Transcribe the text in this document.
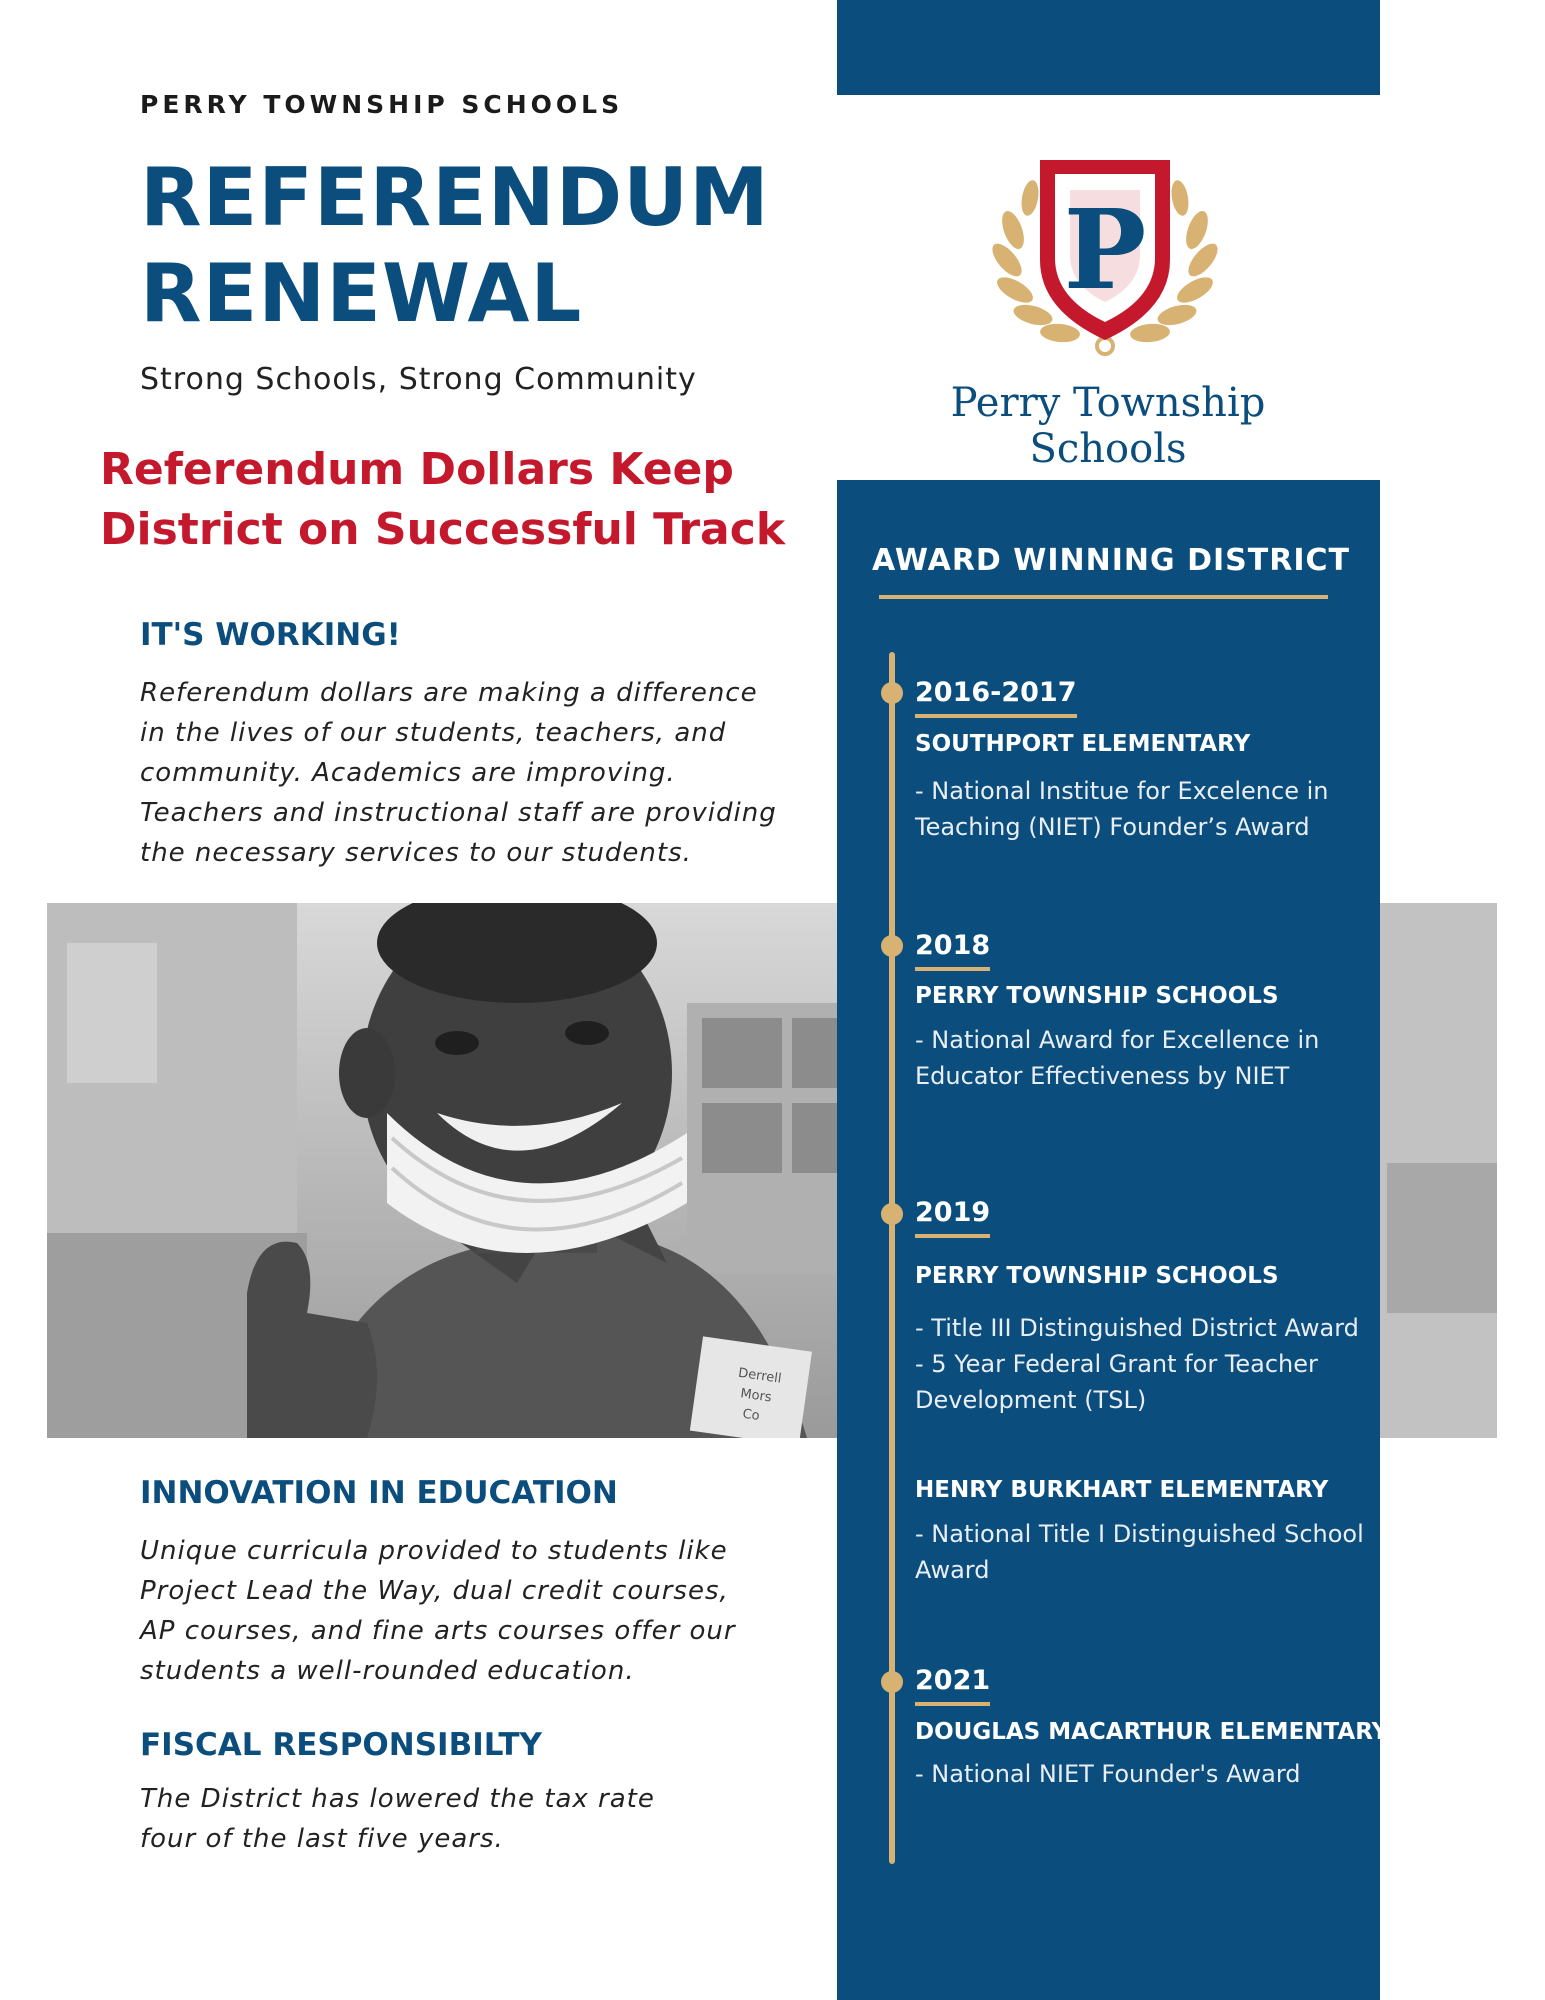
PERRY TOWNSHIP SCHOOLS
REFERENDUM
RENEWAL
Strong Schools, Strong Community
Referendum Dollars Keep
District on Successful Track
IT'S WORKING!
Referendum dollars are making a difference
in the lives of our students, teachers, and
community. Academics are improving.
Teachers and instructional staff are providing
the necessary services to our students.
Derrell
Mors
Co
INNOVATION IN EDUCATION
Unique curricula provided to students like
Project Lead the Way, dual credit courses,
AP courses, and fine arts courses offer our
students a well-rounded education.
FISCAL RESPONSIBILTY
The District has lowered the tax rate
four of the last five years.
P
Perry Township Schools
AWARD WINNING DISTRICT
2016-2017
SOUTHPORT ELEMENTARY
- National Institue for Excelence in
Teaching (NIET) Founder’s Award
2018
PERRY TOWNSHIP SCHOOLS
- National Award for Excellence in
Educator Effectiveness by NIET
2019
PERRY TOWNSHIP SCHOOLS
- Title III Distinguished District Award
- 5 Year Federal Grant for Teacher
Development (TSL)
HENRY BURKHART ELEMENTARY
- National Title I Distinguished School
Award
2021
DOUGLAS MACARTHUR ELEMENTARY
- National NIET Founder's Award
